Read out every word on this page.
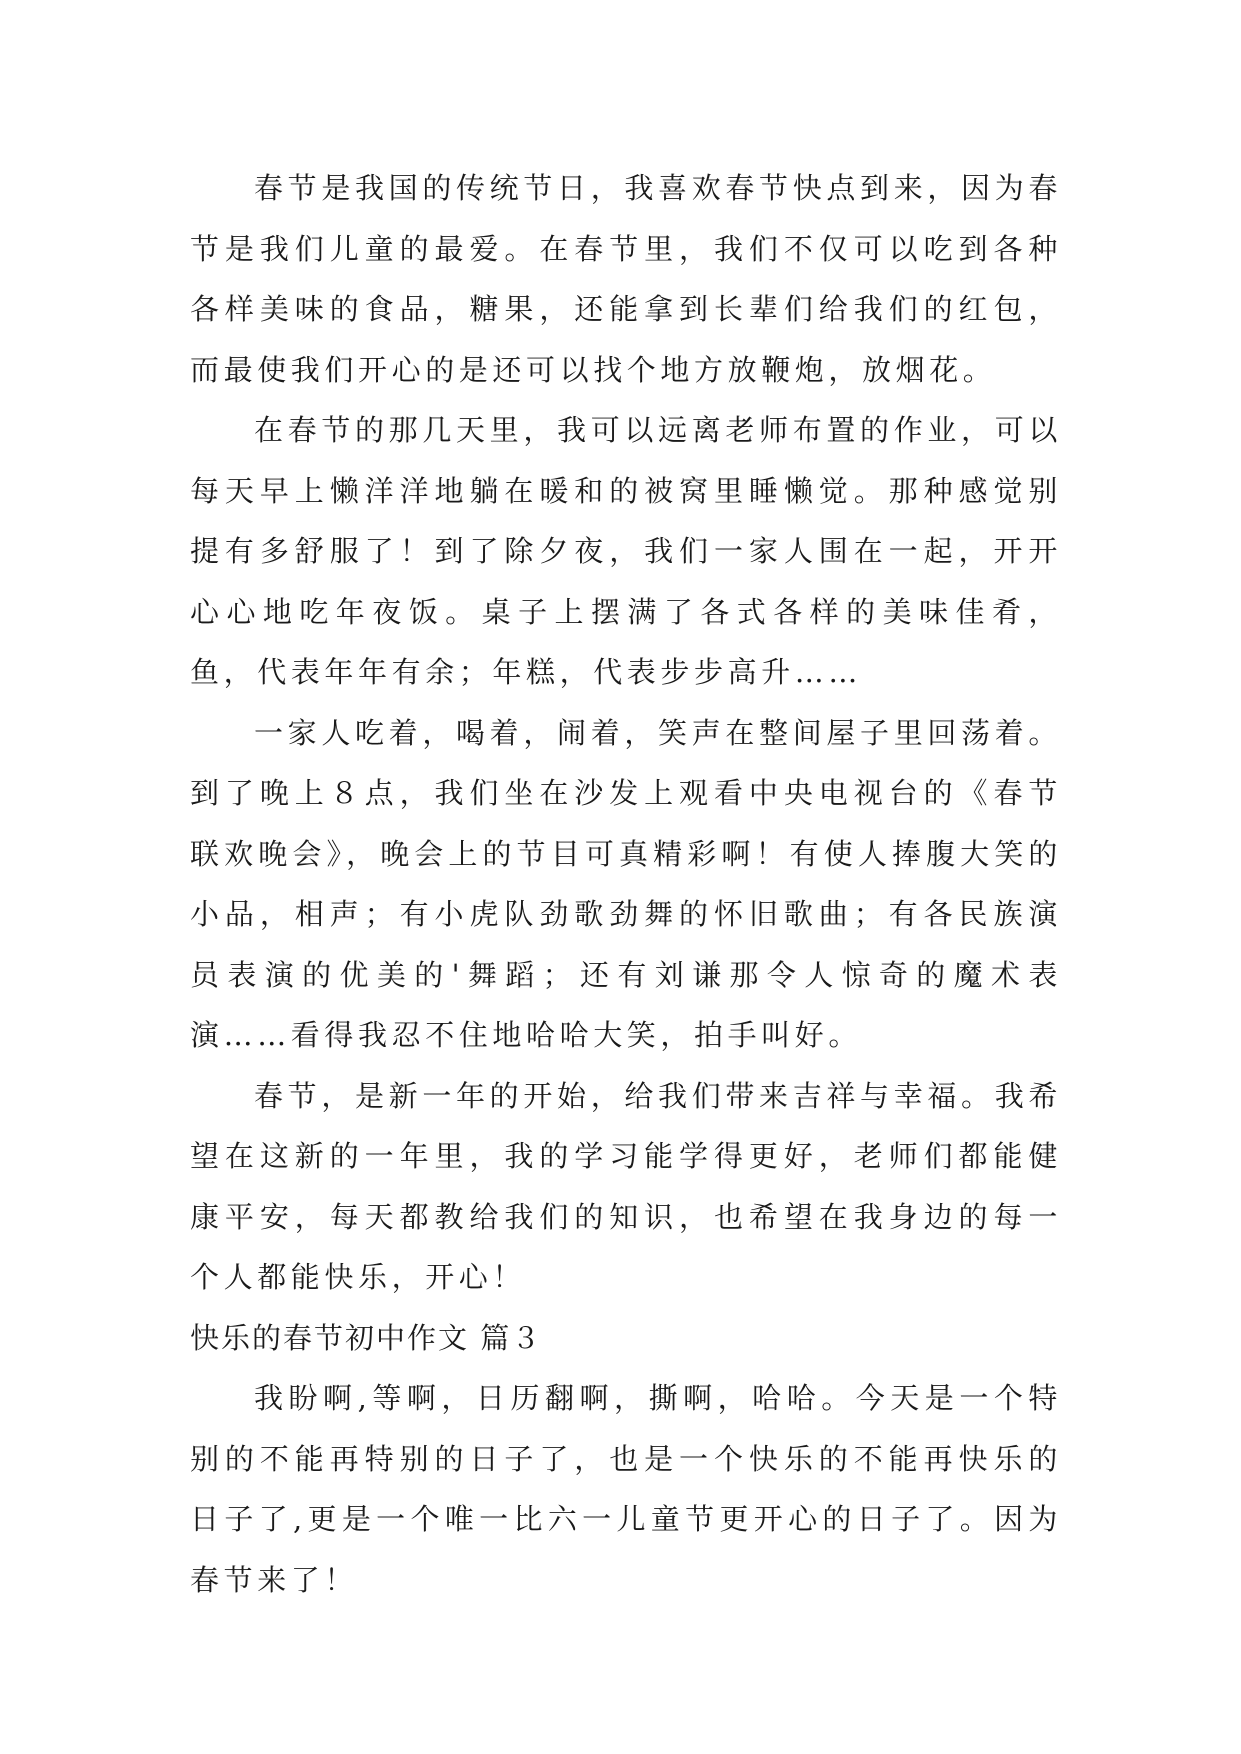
春节是我国的传统节日，我喜欢春节快点到来，因为春节是我们儿童的最爱。在春节里，我们不仅可以吃到各种各样美味的食品，糖果，还能拿到长辈们给我们的红包，而最使我们开心的是还可以找个地方放鞭炮，放烟花。

在春节的那几天里，我可以远离老师布置的作业，可以每天早上懒洋洋地躺在暖和的被窝里睡懒觉。那种感觉别提有多舒服了！到了除夕夜，我们一家人围在一起，开开心心地吃年夜饭。桌子上摆满了各式各样的美味佳肴，鱼，代表年年有余；年糕，代表步步高升……

一家人吃着，喝着，闹着，笑声在整间屋子里回荡着。到了晚上８点，我们坐在沙发上观看中央电视台的《春节联欢晚会》，晚会上的节目可真精彩啊！有使人捧腹大笑的小品，相声；有小虎队劲歌劲舞的怀旧歌曲；有各民族演员表演的优美的'舞蹈；还有刘谦那令人惊奇的魔术表演……看得我忍不住地哈哈大笑，拍手叫好。

春节，是新一年的开始，给我们带来吉祥与幸福。我希望在这新的一年里，我的学习能学得更好，老师们都能健康平安，每天都教给我们的知识，也希望在我身边的每一个人都能快乐，开心！

快乐的春节初中作文 篇３

我盼啊,等啊，日历翻啊，撕啊，哈哈。今天是一个特别的不能再特别的日子了，也是一个快乐的不能再快乐的日子了,更是一个唯一比六一儿童节更开心的日子了。因为春节来了！
